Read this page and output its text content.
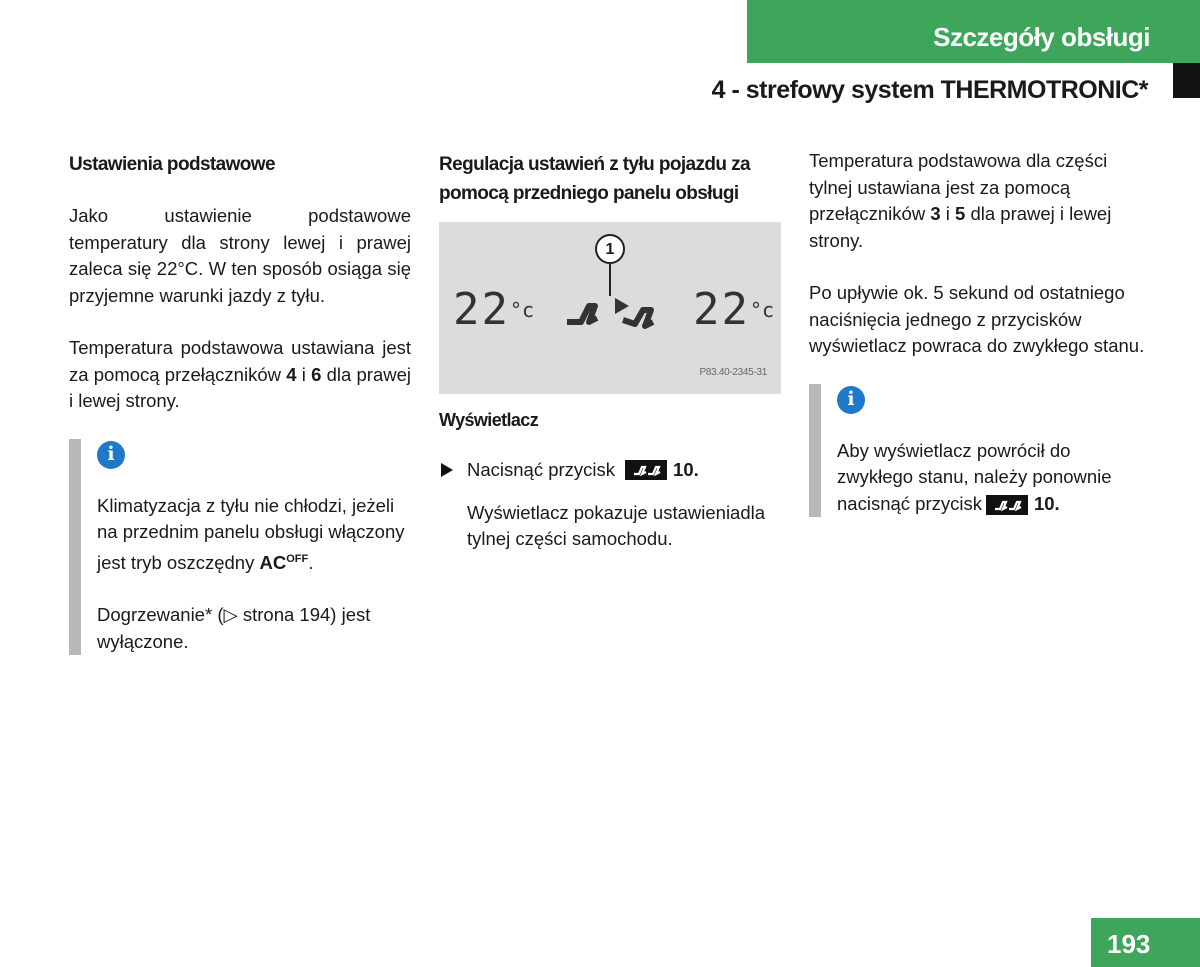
Szczegóły obsługi
4 - strefowy system THERMOTRONIC*

Ustawienia podstawowe

Jako ustawienie podstawowe temperatury dla strony lewej i prawej zaleca się 22°C. W ten sposób osiąga się przyjemne warunki jazdy z tyłu.

Temperatura podstawowa ustawiana jest za pomocą przełączników 4 i 6 dla prawej i lewej strony.

i

Klimatyzacja z tyłu nie chłodzi, jeżeli na przednim panelu obsługi włączony jest tryb oszczędny $AC^{OFF}$.

Dogrzewanie* (▷ strona 194) jest wyłączone.

Regulacja ustawień z tyłu pojazdu za pomocą przedniego panelu obsługi

$22^{^\circ c}$	$22^{^\circ c}$
1
P83.40-2345-31

Wyświetlacz

Nacisnąć przycisk	10 .

Wyświetlacz pokazuje ustawieniadla tylnej części samochodu.

Temperatura podstawowa dla części tylnej ustawiana jest za pomocą przełączników 3 i 5 dla prawej i lewej strony.

Po upływie ok. 5 sekund od ostatniego naciśnięcia jednego z przycisków wyświetlacz powraca do zwykłego stanu.

i

Aby wyświetlacz powrócił do zwykłego stanu, należy ponownie nacisnąć przycisk	10.

193
